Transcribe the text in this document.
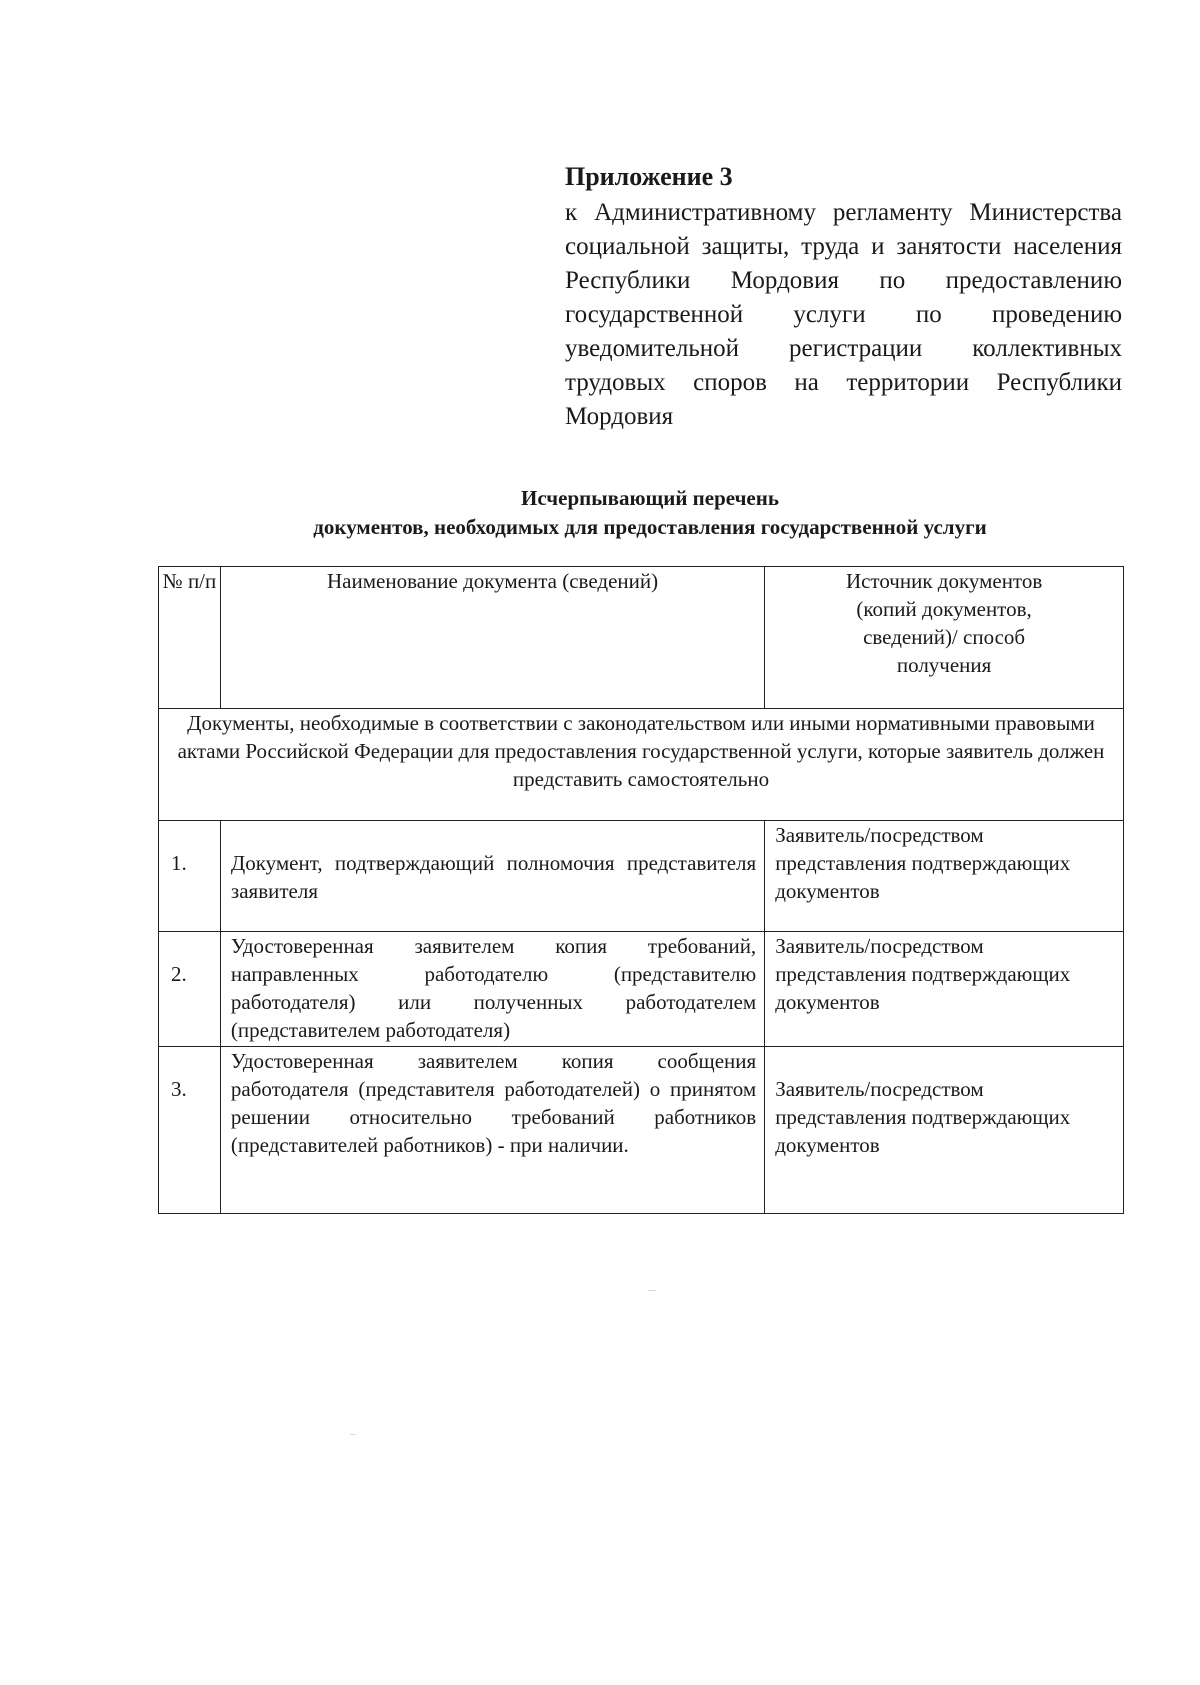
Приложение 3

к Административному регламенту Министерства социальной защиты, труда и занятости населения Республики Мордовия по предоставлению государственной услуги по проведению уведомительной регистрации коллективных трудовых споров на территории Республики Мордовия

Исчерпывающий перечень
документов, необходимых для предоставления государственной услуги
№ п/п	Наименование документа (сведений)	Источник документов (копий документов, сведений)/ способ получения

Документы, необходимые в соответствии с законодательством или иными нормативными правовыми актами Российской Федерации для предоставления государственной услуги, которые заявитель должен представить самостоятельно		

1.	Документ, подтверждающий полномочия представителя заявителя	Заявитель/посредством представления подтверждающих документов

2.	Удостоверенная заявителем копия требований, направленных работодателю (представителю работодателя) или полученных работодателем (представителем работодателя)	Заявитель/посредством представления подтверждающих документов

3.	Удостоверенная заявителем копия сообщения работодателя (представителя работодателей) о принятом решении относительно требований работников (представителей работников) - при наличии.	Заявитель/посредством представления подтверждающих документов
